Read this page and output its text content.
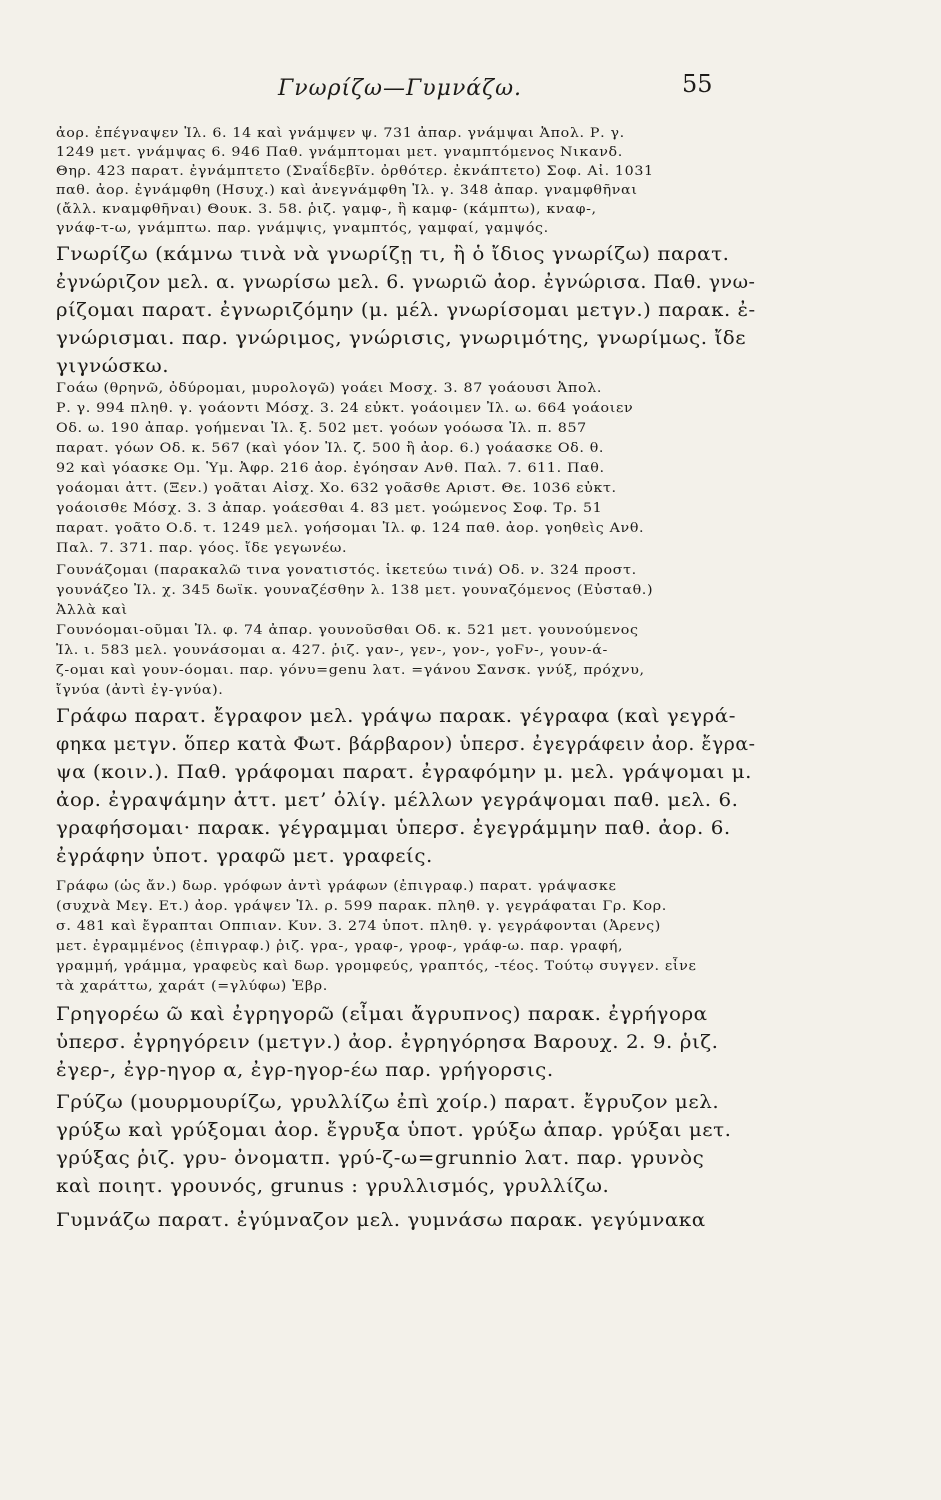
Γνωρίζω—Γυμνάζω.	55
ἀορ. ἐπέγναψεν Ἰλ. 6. 14 καὶ γνάμψεν ψ. 731 ἀπαρ. γνάμψαι Ἀπολ. Ρ. γ.
1249 μετ. γνάμψας 6. 946 Παθ. γνάμπτομαι μετ. γναμπτόμενος Νικανδ.
Θηρ. 423 παρατ. ἐγνάμπτετο (Σναΐδεβῖν. ὀρθότερ. ἐκνάπτετο) Σοφ. Αἰ. 1031
παθ. ἀορ. ἐγνάμφθη (Ησυχ.) καὶ ἀνεγνάμφθη Ἰλ. γ. 348 ἀπαρ. γναμφθῆναι
(ἄλλ. κναμφθῆναι) Θουκ. 3. 58. ῥιζ. γαμφ-, ἢ καμφ- (κάμπτω), κναφ-,
γνάφ-τ-ω, γνάμπτω. παρ. γνάμψις, γναμπτός, γαμφαί, γαμψός.
Γνωρίζω (κάμνω τινὰ νὰ γνωρίζῃ τι, ἢ ὁ ἴδιος γνωρίζω) παρατ.
ἐγνώριζον μελ. α. γνωρίσω μελ. 6. γνωριῶ ἀορ. ἐγνώρισα. Παθ. γνω-
ρίζομαι παρατ. ἐγνωριζόμην (μ. μέλ. γνωρίσομαι μετγν.) παρακ. ἐ-
γνώρισμαι. παρ. γνώριμος, γνώρισις, γνωριμότης, γνωρίμως. ἴδε
γιγνώσκω.
Γοάω (θρηνῶ, ὀδύρομαι, μυρολογῶ) γοάει Μοσχ. 3. 87 γοάουσι Ἀπολ.
Ρ. γ. 994 πληθ. γ. γοάοντι Μόσχ. 3. 24 εὐκτ. γοάοιμεν Ἰλ. ω. 664 γοάοιεν
Οδ. ω. 190 ἀπαρ. γοήμεναι Ἰλ. ξ. 502 μετ. γοόων γοόωσα Ἰλ. π. 857
παρατ. γόων Οδ. κ. 567 (καὶ γόον Ἰλ. ζ. 500 ἢ ἀορ. 6.) γοάασκε Οδ. θ.
92 καὶ γόασκε Ομ. Ὑμ. Ἀφρ. 216 ἀορ. ἐγόησαν Ανθ. Παλ. 7. 611. Παθ.
γοάομαι ἀττ. (Ξεν.) γοᾶται Αἰσχ. Χο. 632 γοᾶσθε Αριστ. Θε. 1036 εὐκτ.
γοάοισθε Μόσχ. 3. 3 ἀπαρ. γοάεσθαι 4. 83 μετ. γοώμενος Σοφ. Τρ. 51
παρατ. γοᾶτο Ο.δ. τ. 1249 μελ. γοήσομαι Ἰλ. φ. 124 παθ. ἀορ. γοηθεὶς Ανθ.
Παλ. 7. 371. παρ. γόος. ἴδε γεγωνέω.
Γουνάζομαι (παρακαλῶ τινα γονατιστός. ἱκετεύω τινά) Οδ. ν. 324 προστ.
γουνάζεο Ἰλ. χ. 345 δωϊκ. γουναζέσθην λ. 138 μετ. γουναζόμενος (Εὐσταθ.)
Ἀλλὰ καὶ
Γουνόομαι-οῦμαι Ἰλ. φ. 74 ἀπαρ. γουνοῦσθαι Οδ. κ. 521 μετ. γουνούμενος
Ἰλ. ι. 583 μελ. γουνάσομαι α. 427. ῥιζ. γαν-, γεν-, γον-, γοϜν-, γουν-ά-
ζ-ομαι καὶ γουν-όομαι. παρ. γόνυ=genu λατ. =γάνου Σανσκ. γνύξ, πρόχνυ,
ἴγνύα (ἀντὶ ἐγ-γνύα).
Γράφω παρατ. ἔγραφον μελ. γράψω παρακ. γέγραφα (καὶ γεγρά-
φηκα μετγν. ὅπερ κατὰ Φωτ. βάρβαρον) ὑπερσ. ἐγεγράφειν ἀορ. ἔγρα-
ψα (κοιν.). Παθ. γράφομαι παρατ. ἐγραφόμην μ. μελ. γράψομαι μ.
ἀορ. ἐγραψάμην ἀττ. μετ’ ὀλίγ. μέλλων γεγράψομαι παθ. μελ. 6.
γραφήσομαι· παρακ. γέγραμμαι ὑπερσ. ἐγεγράμμην παθ. ἀορ. 6.
ἐγράφην ὑποτ. γραφῶ μετ. γραφείς.
Γράφω (ὡς ἄν.) δωρ. γρόφων ἀντὶ γράφων (ἐπιγραφ.) παρατ. γράψασκε
(συχνὰ Μεγ. Ετ.) ἀορ. γράψεν Ἰλ. ρ. 599 παρακ. πληθ. γ. γεγράφαται Γρ. Κορ.
σ. 481 καὶ ἔγραπται Οππιαν. Κυν. 3. 274 ὑποτ. πληθ. γ. γεγράφονται (Ἀρενς)
μετ. ἐγραμμένος (ἐπιγραφ.) ῥιζ. γρα-, γραφ-, γροφ-, γράφ-ω. παρ. γραφή,
γραμμή, γράμμα, γραφεὺς καὶ δωρ. γρομφεύς, γραπτός, -τέος. Τούτῳ συγγεν. εἶνε
τὰ χαράττω, χαράτ (=γλύφω) Ἑβρ.
Γρηγορέω ῶ καὶ ἐγρηγορῶ (εἶμαι ἄγρυπνος) παρακ. ἐγρήγορα
ὑπερσ. ἐγρηγόρειν (μετγν.) ἀορ. ἐγρηγόρησα Βαρουχ. 2. 9. ῥιζ.
ἐγερ-, ἐγρ-ηγορ α, ἐγρ-ηγορ-έω παρ. γρήγορσις.
Γρύζω (μουρμουρίζω, γρυλλίζω ἐπὶ χοίρ.) παρατ. ἔγρυζον μελ.
γρύξω καὶ γρύξομαι ἀορ. ἔγρυξα ὑποτ. γρύξω ἀπαρ. γρύξαι μετ.
γρύξας ῥιζ. γρυ- ὀνοματπ. γρύ-ζ-ω=grunnio λατ. παρ. γρυνὸς
καὶ ποιητ. γρουνός, grunus : γρυλλισμός, γρυλλίζω.
Γυμνάζω παρατ. ἐγύμναζον μελ. γυμνάσω παρακ. γεγύμνακα
